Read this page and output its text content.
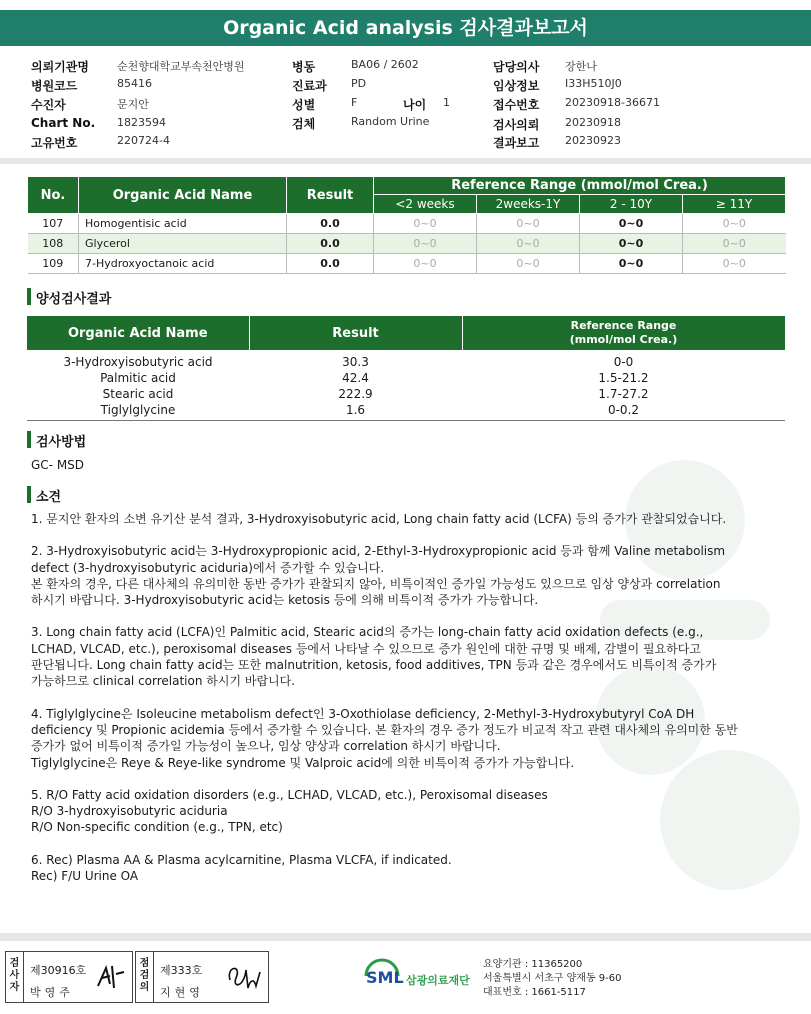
Organic Acid analysis 검사결과보고서
의뢰기관명	순천향대학교부속천안병원
병원코드	85416
수진자	문지안
Chart No. 1823594
고유번호	220724-4
병동	BA06 / 2602
진료과 PD
성별	F	나이 1
검체	Random Urine
담당의사 장한나
임상정보 I33H510J0
접수번호 20230918-36671
검사의뢰 20230918
결과보고 20230923
No.	Organic Acid Name	Result	Reference Range (mmol/mol Crea.)			
			<2 weeks	2weeks-1Y	2 - 10Y	≥ 11Y
107	Homogentisic acid	0.0	0~0	0~0	0~0	0~0
108	Glycerol	0.0	0~0	0~0	0~0	0~0
109	7-Hydroxyoctanoic acid	0.0	0~0	0~0	0~0	0~0
양성검사결과
Organic Acid Name	Result	Reference Range
(mmol/mol Crea.)

3-Hydroxyisobutyric acid	30.3	0-0
Palmitic acid	42.4	1.5-21.2
Stearic acid	222.9	1.7-27.2
Tiglylglycine	1.6	0-0.2
검사방법
GC- MSD
소견

1. 문지안 환자의 소변 유기산 분석 결과, 3-Hydroxyisobutyric acid, Long chain fatty acid (LCFA) 등의 증가가 관찰되었습니다.

2. 3-Hydroxyisobutyric acid는 3-Hydroxypropionic acid, 2-Ethyl-3-Hydroxypropionic acid 등과 함께 Valine metabolism
defect (3-hydroxyisobutyric aciduria)에서 증가할 수 있습니다.
본 환자의 경우, 다른 대사체의 유의미한 동반 증가가 관찰되지 않아, 비특이적인 증가일 가능성도 있으므로 임상 양상과 correlation
하시기 바랍니다. 3-Hydroxyisobutyric acid는 ketosis 등에 의해 비특이적 증가가 가능합니다.

3. Long chain fatty acid (LCFA)인 Palmitic acid, Stearic acid의 증가는 long-chain fatty acid oxidation defects (e.g.,
LCHAD, VLCAD, etc.), peroxisomal diseases 등에서 나타날 수 있으므로 증가 원인에 대한 규명 및 배제, 감별이 필요하다고
판단됩니다. Long chain fatty acid는 또한 malnutrition, ketosis, food additives, TPN 등과 같은 경우에서도 비특이적 증가가
가능하므로 clinical correlation 하시기 바랍니다.

4. Tiglylglycine은 Isoleucine metabolism defect인 3-Oxothiolase deficiency, 2-Methyl-3-Hydroxybutyryl CoA DH
deficiency 및 Propionic acidemia 등에서 증가할 수 있습니다. 본 환자의 경우 증가 정도가 비교적 작고 관련 대사체의 유의미한 동반
증가가 없어 비특이적 증가일 가능성이 높으나, 임상 양상과 correlation 하시기 바랍니다.
Tiglylglycine은 Reye & Reye-like syndrome 및 Valproic acid에 의한 비특이적 증가가 가능합니다.

5. R/O Fatty acid oxidation disorders (e.g., LCHAD, VLCAD, etc.), Peroxisomal diseases
R/O 3-hydroxyisobutyric aciduria
R/O Non-specific condition (e.g., TPN, etc)

6. Rec) Plasma AA & Plasma acylcarnitine, Plasma VLCFA, if indicated.
Rec) F/U Urine OA

검사자
제30916호
박영주
점검의
제333호
지현영
SML 삼광의료재단
요양기관 : 11365200
서울특별시 서초구 양재동 9-60
대표번호 : 1661-5117
